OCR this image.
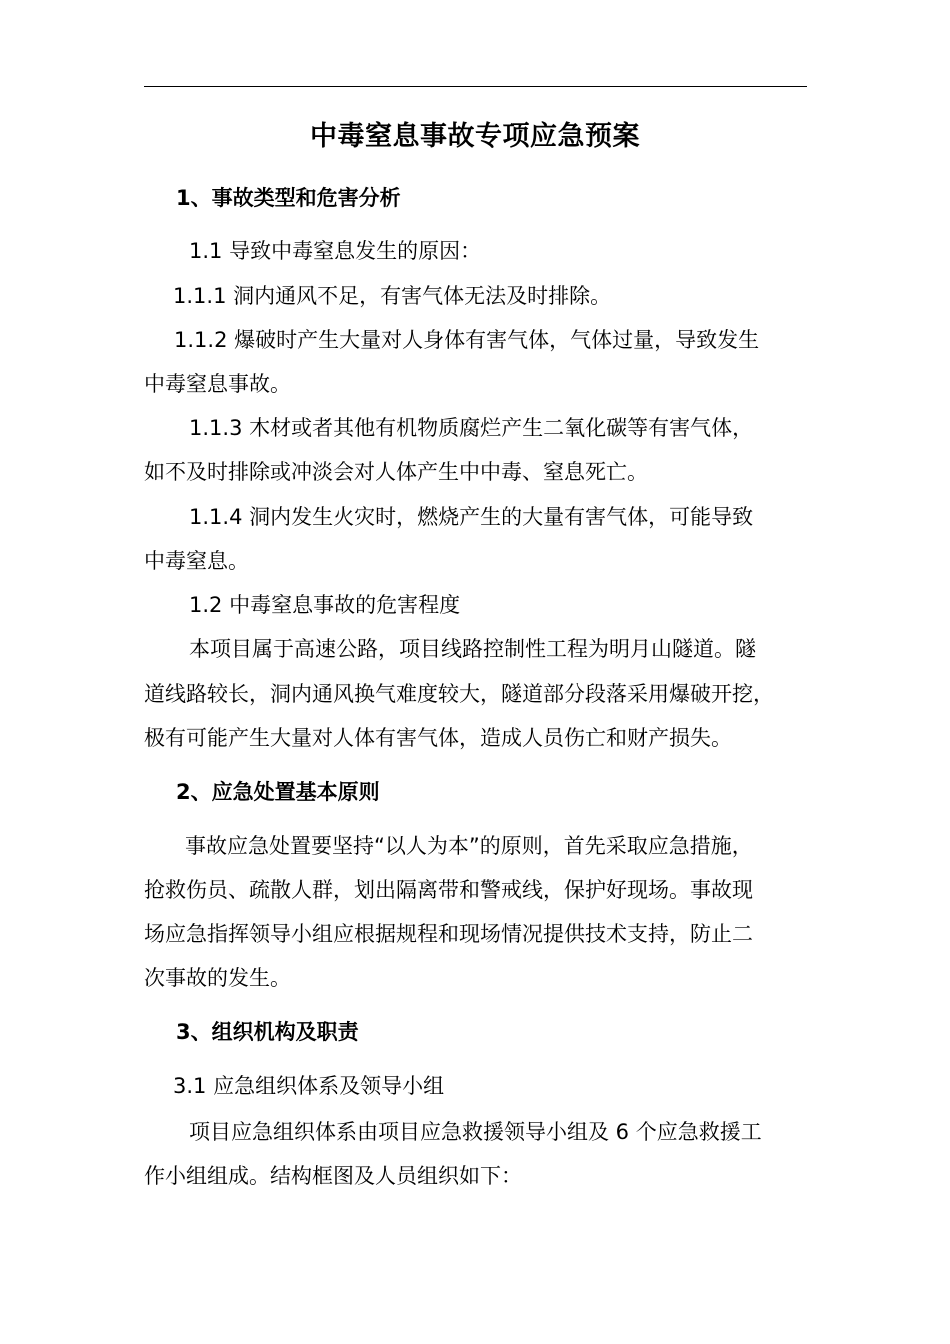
中毒窒息事故专项应急预案
1、事故类型和危害分析
1.1 导致中毒窒息发生的原因：
1.1.1 洞内通风不足，有害气体无法及时排除。
1.1.2 爆破时产生大量对人身体有害气体，气体过量，导致发生
中毒窒息事故。
1.1.3 木材或者其他有机物质腐烂产生二氧化碳等有害气体，
如不及时排除或冲淡会对人体产生中中毒、窒息死亡。
1.1.4 洞内发生火灾时，燃烧产生的大量有害气体，可能导致
中毒窒息。
1.2 中毒窒息事故的危害程度
本项目属于高速公路，项目线路控制性工程为明月山隧道。隧
道线路较长，洞内通风换气难度较大，隧道部分段落采用爆破开挖，
极有可能产生大量对人体有害气体，造成人员伤亡和财产损失。
2、应急处置基本原则
事故应急处置要坚持“以人为本”的原则，首先采取应急措施，
抢救伤员、疏散人群，划出隔离带和警戒线，保护好现场。事故现
场应急指挥领导小组应根据规程和现场情况提供技术支持，防止二
次事故的发生。
3、组织机构及职责
3.1 应急组织体系及领导小组
项目应急组织体系由项目应急救援领导小组及 6 个应急救援工
作小组组成。结构框图及人员组织如下：
